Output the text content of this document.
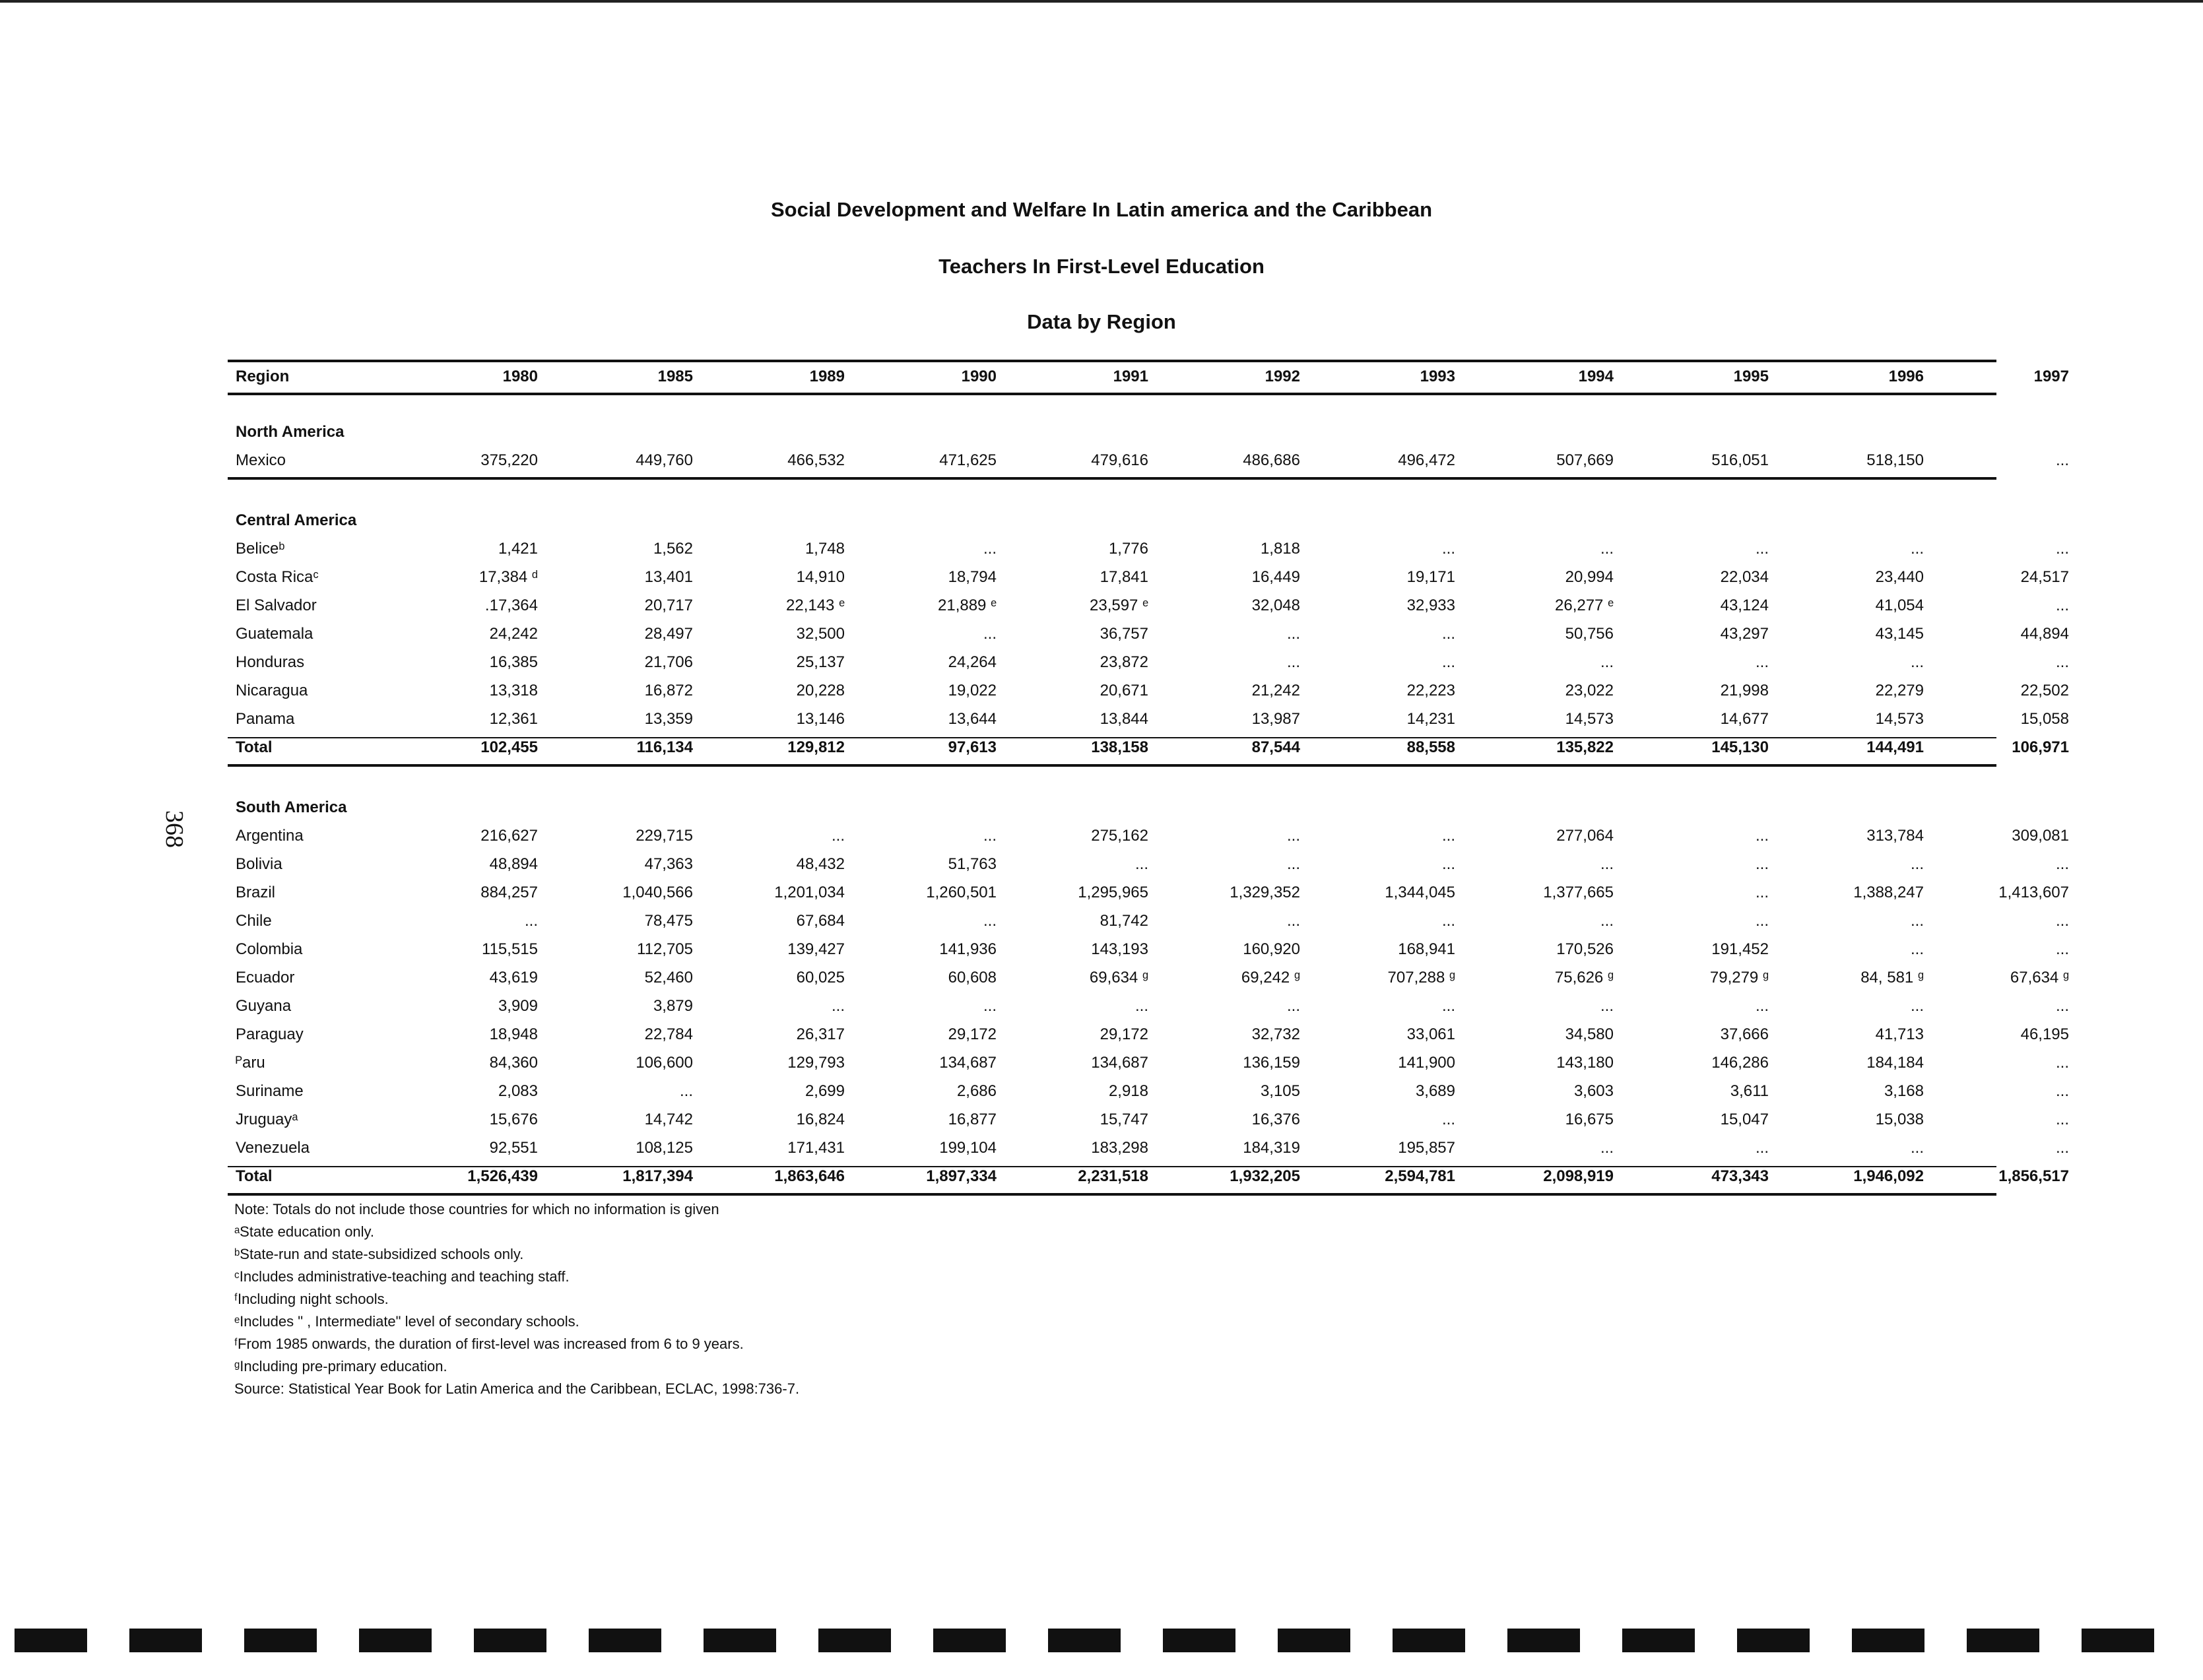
Social Development and Welfare In Latin america and the Caribbean
Teachers In First-Level Education
Data by Region
368
Region	1980	1985	1989	1990	1991	1992	1993	1994	1995	1996	1997
North America
Mexico	375,220	449,760	466,532	471,625	479,616	486,686	496,472	507,669	516,051	518,150	...
Central America
Beliceᵇ	1,421	1,562	1,748	...	1,776	1,818	...	...	...	...	...
Costa Ricaᶜ	17,384 ᵈ	13,401	14,910	18,794	17,841	16,449	19,171	20,994	22,034	23,440	24,517
El Salvador	.17,364	20,717	22,143 ᵉ	21,889 ᵉ	23,597 ᵉ	32,048	32,933	26,277 ᵉ	43,124	41,054	...
Guatemala	24,242	28,497	32,500	...	36,757	...	...	50,756	43,297	43,145	44,894
Honduras	16,385	21,706	25,137	24,264	23,872	...	...	...	...	...	...
Nicaragua	13,318	16,872	20,228	19,022	20,671	21,242	22,223	23,022	21,998	22,279	22,502
Panama	12,361	13,359	13,146	13,644	13,844	13,987	14,231	14,573	14,677	14,573	15,058
Total	102,455	116,134	129,812	97,613	138,158	87,544	88,558	135,822	145,130	144,491	106,971
South America
Argentina	216,627	229,715	...	...	275,162	...	...	277,064	...	313,784	309,081
Bolivia	48,894	47,363	48,432	51,763	...	...	...	...	...	...	...
Brazil	884,257	1,040,566	1,201,034	1,260,501	1,295,965	1,329,352	1,344,045	1,377,665	...	1,388,247	1,413,607
Chile	...	78,475	67,684	...	81,742	...	...	...	...	...	...
Colombia	115,515	112,705	139,427	141,936	143,193	160,920	168,941	170,526	191,452	...	...
Ecuador	43,619	52,460	60,025	60,608	69,634 ᵍ	69,242 ᵍ	707,288 ᵍ	75,626 ᵍ	79,279 ᵍ	84, 581 ᵍ	67,634 ᵍ
Guyana	3,909	3,879	...	...	...	...	...	...	...	...	...
Paraguay	18,948	22,784	26,317	29,172	29,172	32,732	33,061	34,580	37,666	41,713	46,195
ᴾaru	84,360	106,600	129,793	134,687	134,687	136,159	141,900	143,180	146,286	184,184	...
Suriname	2,083	...	2,699	2,686	2,918	3,105	3,689	3,603	3,611	3,168	...
Jruguayᵃ	15,676	14,742	16,824	16,877	15,747	16,376	...	16,675	15,047	15,038	...
Venezuela	92,551	108,125	171,431	199,104	183,298	184,319	195,857	...	...	...	...
Total	1,526,439	1,817,394	1,863,646	1,897,334	2,231,518	1,932,205	2,594,781	2,098,919	473,343	1,946,092	1,856,517
Note: Totals do not include those countries for which no information is given
ᵃState education only.
ᵇState-run and state-subsidized schools only.
ᶜIncludes administrative-teaching and teaching staff.
ᶠIncluding night schools.
ᵉIncludes " , Intermediate" level of secondary schools.
ᶠFrom 1985 onwards, the duration of first-level was increased from 6 to 9 years.
ᵍIncluding pre-primary education.
Source: Statistical Year Book for Latin America and the Caribbean, ECLAC, 1998:736-7.
